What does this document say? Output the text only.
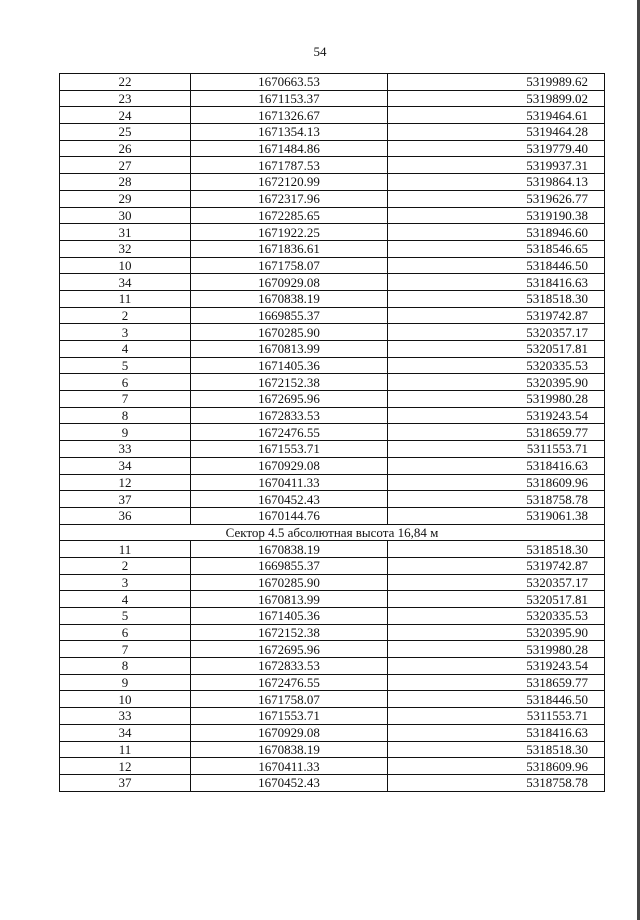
54
22	1670663.53	5319989.62
23	1671153.37	5319899.02
24	1671326.67	5319464.61
25	1671354.13	5319464.28
26	1671484.86	5319779.40
27	1671787.53	5319937.31
28	1672120.99	5319864.13
29	1672317.96	5319626.77
30	1672285.65	5319190.38
31	1671922.25	5318946.60
32	1671836.61	5318546.65
10	1671758.07	5318446.50
34	1670929.08	5318416.63
11	1670838.19	5318518.30
2	1669855.37	5319742.87
3	1670285.90	5320357.17
4	1670813.99	5320517.81
5	1671405.36	5320335.53
6	1672152.38	5320395.90
7	1672695.96	5319980.28
8	1672833.53	5319243.54
9	1672476.55	5318659.77
33	1671553.71	5311553.71
34	1670929.08	5318416.63
12	1670411.33	5318609.96
37	1670452.43	5318758.78
36	1670144.76	5319061.38
Сектор 4.5 абсолютная высота 16,84 м		
11	1670838.19	5318518.30
2	1669855.37	5319742.87
3	1670285.90	5320357.17
4	1670813.99	5320517.81
5	1671405.36	5320335.53
6	1672152.38	5320395.90
7	1672695.96	5319980.28
8	1672833.53	5319243.54
9	1672476.55	5318659.77
10	1671758.07	5318446.50
33	1671553.71	5311553.71
34	1670929.08	5318416.63
11	1670838.19	5318518.30
12	1670411.33	5318609.96
37	1670452.43	5318758.78
